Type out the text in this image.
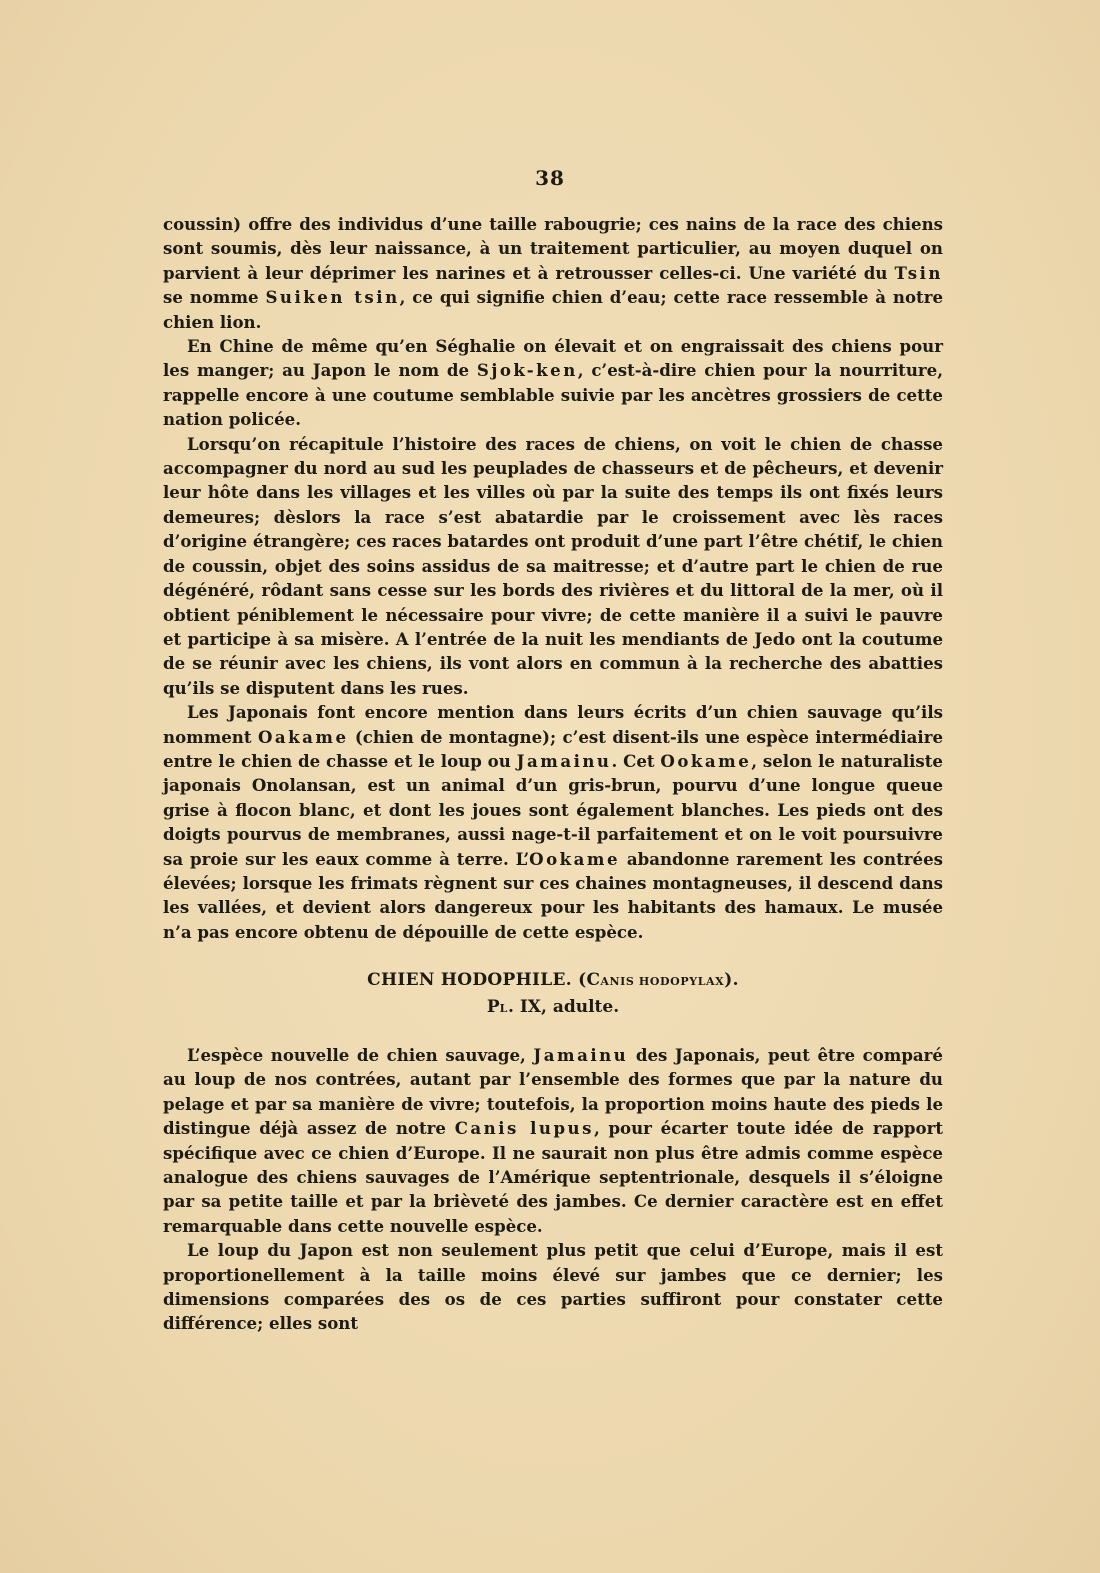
38

coussin) offre des individus d’une taille rabougrie; ces nains de la race des chiens sont soumis, dès leur naissance, à un traitement particulier, au moyen duquel on parvient à leur déprimer les narines et à retrousser celles-ci. Une variété du Tsin se nomme Suiken tsin, ce qui signifie chien d’eau; cette race ressemble à notre chien lion.

En Chine de même qu’en Séghalie on élevait et on engraissait des chiens pour les manger; au Japon le nom de Sjok-ken, c’est-à-dire chien pour la nourriture, rappelle encore à une coutume semblable suivie par les ancètres grossiers de cette nation policée.

Lorsqu’on récapitule l’histoire des races de chiens, on voit le chien de chasse accompagner du nord au sud les peuplades de chasseurs et de pêcheurs, et devenir leur hôte dans les villages et les villes où par la suite des temps ils ont fixés leurs demeures; dèslors la race s’est abatardie par le croissement avec lès races d’origine étrangère; ces races batardes ont produit d’une part l’être chétif, le chien de coussin, objet des soins assidus de sa maitresse; et d’autre part le chien de rue dégénéré, rôdant sans cesse sur les bords des rivières et du littoral de la mer, où il obtient péniblement le nécessaire pour vivre; de cette manière il a suivi le pauvre et participe à sa misère. A l’entrée de la nuit les mendiants de Jedo ont la coutume de se réunir avec les chiens, ils vont alors en commun à la recherche des abatties qu’ils se disputent dans les rues.

Les Japonais font encore mention dans leurs écrits d’un chien sauvage qu’ils nomment Oakame (chien de montagne); c’est disent-ils une espèce intermédiaire entre le chien de chasse et le loup ou Jamainu. Cet Ookame, selon le naturaliste japonais Onolansan, est un animal d’un gris-brun, pourvu d’une longue queue grise à flocon blanc, et dont les joues sont également blanches. Les pieds ont des doigts pourvus de membranes, aussi nage-t-il parfaitement et on le voit poursuivre sa proie sur les eaux comme à terre. L’Ookame abandonne rarement les contrées élevées; lorsque les frimats règnent sur ces chaines montagneuses, il descend dans les vallées, et devient alors dangereux pour les habitants des hamaux. Le musée n’a pas encore obtenu de dépouille de cette espèce.

CHIEN HODOPHILE. (CANIS HODOPYLAX).
PL. IX, adulte.

L’espèce nouvelle de chien sauvage, Jamainu des Japonais, peut être comparé au loup de nos contrées, autant par l’ensemble des formes que par la nature du pelage et par sa manière de vivre; toutefois, la proportion moins haute des pieds le distingue déjà assez de notre Canis lupus, pour écarter toute idée de rapport spécifique avec ce chien d’Europe. Il ne saurait non plus être admis comme espèce analogue des chiens sauvages de l’Amérique septentrionale, desquels il s’éloigne par sa petite taille et par la brièveté des jambes. Ce dernier caractère est en effet remarquable dans cette nouvelle espèce.

Le loup du Japon est non seulement plus petit que celui d’Europe, mais il est proportionellement à la taille moins élevé sur jambes que ce dernier; les dimensions comparées des os de ces parties suffiront pour constater cette différence; elles sont
